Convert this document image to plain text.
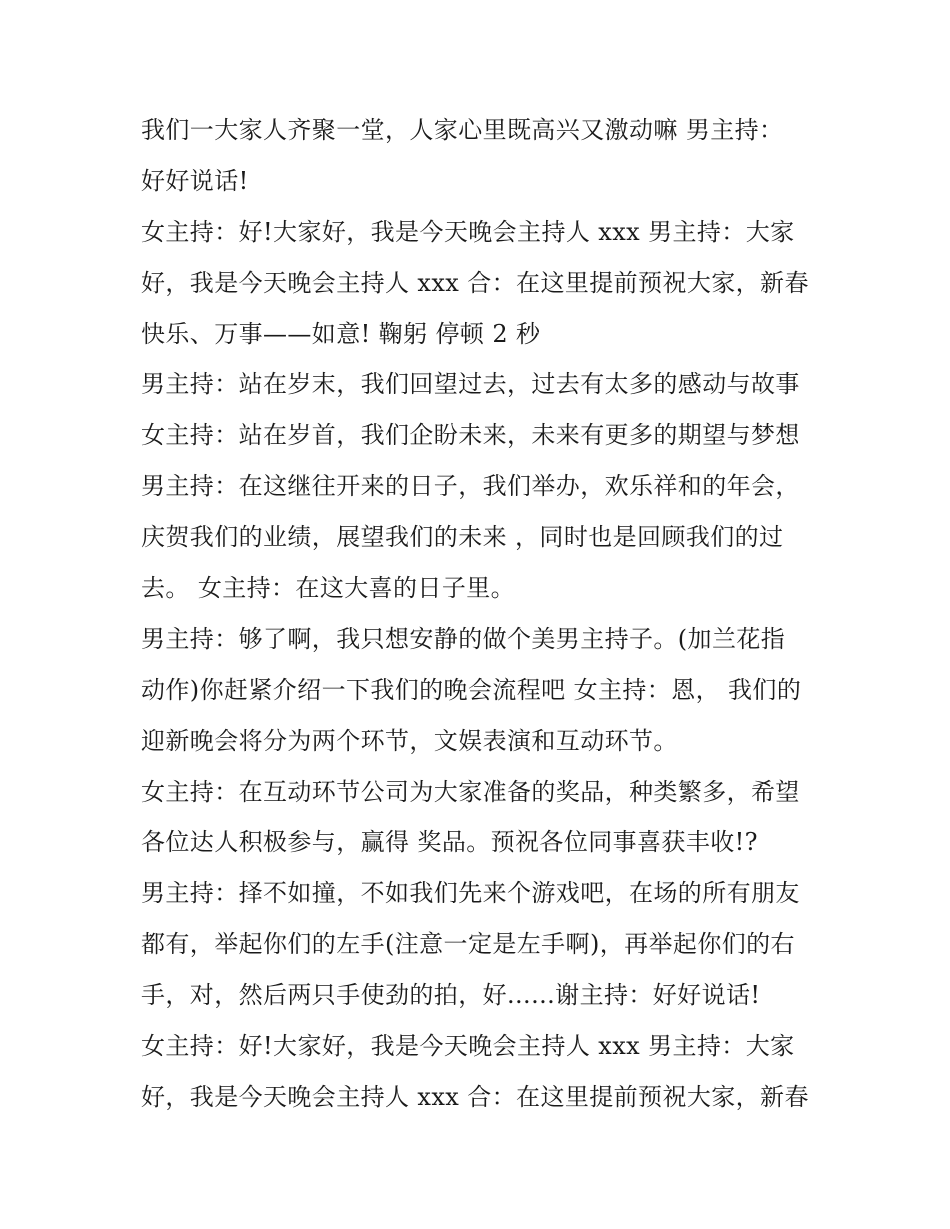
我们一大家人齐聚一堂，人家心里既高兴又激动嘛 男主持：
好好说话!
女主持：好!大家好，我是今天晚会主持人 xxx 男主持：大家
好，我是今天晚会主持人 xxx 合：在这里提前预祝大家，新春
快乐、万事——如意! 鞠躬 停顿 2 秒
男主持：站在岁末，我们回望过去，过去有太多的感动与故事
女主持：站在岁首，我们企盼未来，未来有更多的期望与梦想
男主持：在这继往开来的日子，我们举办，欢乐祥和的年会，
庆贺我们的业绩，展望我们的未来 ，同时也是回顾我们的过
去。 女主持：在这大喜的日子里。
男主持：够了啊，我只想安静的做个美男主持子。(加兰花指
动作)你赶紧介绍一下我们的晚会流程吧 女主持：恩， 我们的
迎新晚会将分为两个环节，文娱表演和互动环节。
女主持：在互动环节公司为大家准备的奖品，种类繁多，希望
各位达人积极参与，赢得 奖品。预祝各位同事喜获丰收!?
男主持：择不如撞，不如我们先来个游戏吧，在场的所有朋友
都有，举起你们的左手(注意一定是左手啊)，再举起你们的右
手，对，然后两只手使劲的拍，好......谢主持：好好说话!
女主持：好!大家好，我是今天晚会主持人 xxx 男主持：大家
好，我是今天晚会主持人 xxx 合：在这里提前预祝大家，新春
